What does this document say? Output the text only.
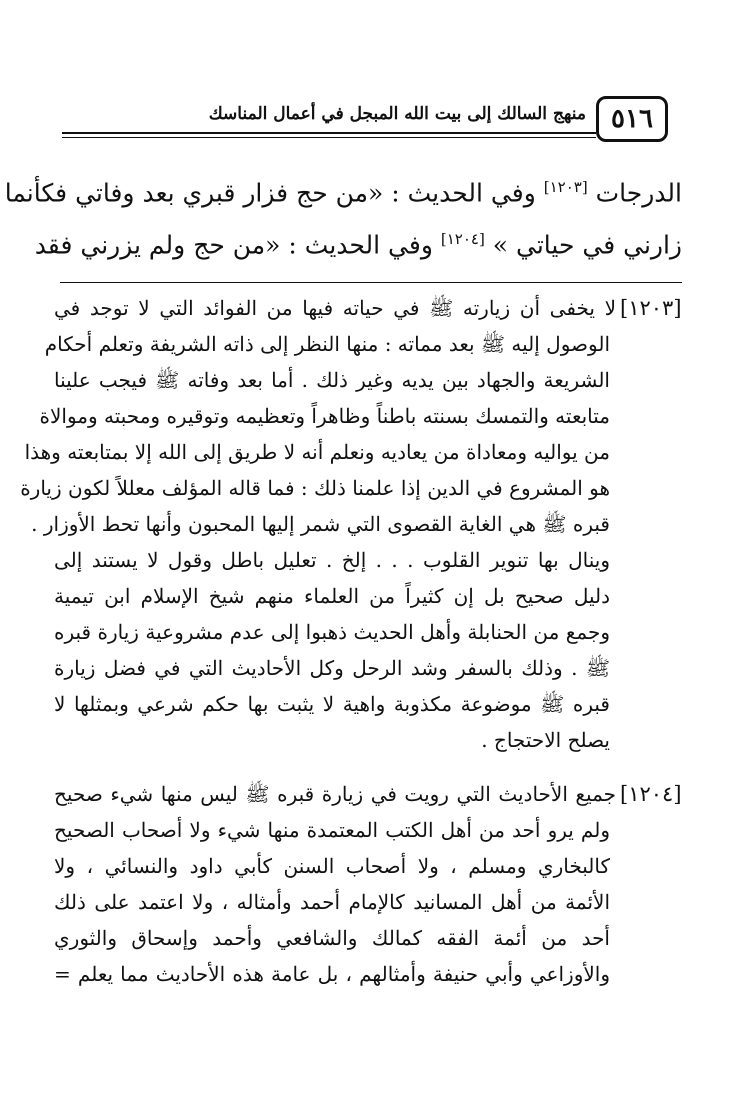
٥١٦
منهج السالك إلى بيت الله المبجل في أعمال المناسك
الدرجات [١٢٠٣] وفي الحديث : «من حج فزار قبري بعد وفاتي فكأنما
زارني في حياتي » [١٢٠٤] وفي الحديث : «من حج ولم يزرني فقد
[١٢٠٣]
لا يخفى أن زيارته ﷺ في حياته فيها من الفوائد التي لا توجد في
الوصول إليه ﷺ بعد مماته : منها النظر إلى ذاته الشريفة وتعلم أحكام
الشريعة والجهاد بين يديه وغير ذلك . أما بعد وفاته ﷺ فيجب علينا
متابعته والتمسك بسنته باطناً وظاهراً وتعظيمه وتوقيره ومحبته وموالاة
من يواليه ومعاداة من يعاديه ونعلم أنه لا طريق إلى الله إلا بمتابعته وهذا
هو المشروع في الدين إذا علمنا ذلك : فما قاله المؤلف معللاً لكون زيارة
قبره ﷺ هي الغاية القصوى التي شمر إليها المحبون وأنها تحط الأوزار .
وينال بها تنوير القلوب . . . إلخ . تعليل باطل وقول لا يستند إلى
دليل صحيح بل إن كثيراً من العلماء منهم شيخ الإسلام ابن تيمية
وجمع من الحنابلة وأهل الحديث ذهبوا إلى عدم مشروعية زيارة قبره
ﷺ . وذلك بالسفر وشد الرحل وكل الأحاديث التي في فضل زيارة
قبره ﷺ موضوعة مكذوبة واهية لا يثبت بها حكم شرعي وبمثلها لا
يصلح الاحتجاج .
[١٢٠٤]
جميع الأحاديث التي رويت في زيارة قبره ﷺ ليس منها شيء صحيح
ولم يرو أحد من أهل الكتب المعتمدة منها شيء ولا أصحاب الصحيح
كالبخاري ومسلم ، ولا أصحاب السنن كأبي داود والنسائي ، ولا
الأئمة من أهل المسانيد كالإمام أحمد وأمثاله ، ولا اعتمد على ذلك
أحد من أئمة الفقه كمالك والشافعي وأحمد وإسحاق والثوري
والأوزاعي وأبي حنيفة وأمثالهم ، بل عامة هذه الأحاديث مما يعلم =
